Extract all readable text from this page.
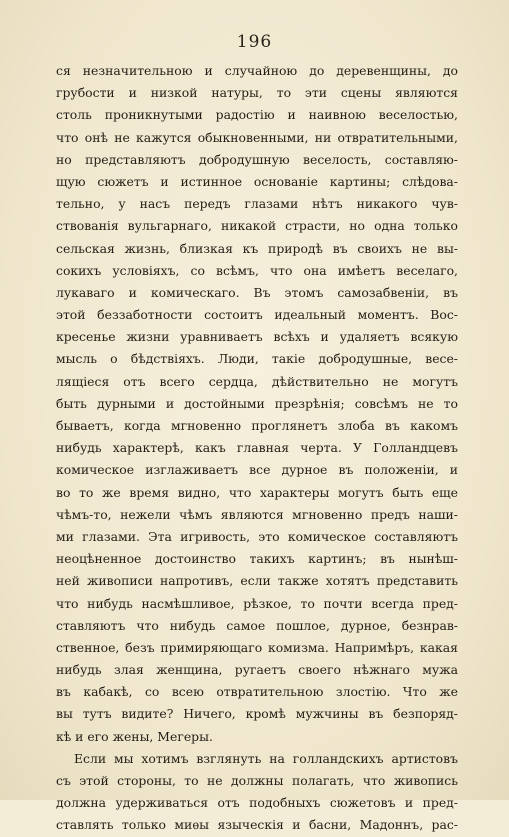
196
ся незначительною и случайною до деревенщины, до
грубости и низкой натуры, то эти сцены являются
столь проникнутыми радостію и наивною веселостью,
что онѣ не кажутся обыкновенными, ни отвратительными,
но представляютъ добродушную веселость, составляю-
щую сюжетъ и истинное основаніе картины; слѣдова-
тельно, у насъ передъ глазами нѣтъ никакого чув-
ствованія вульгарнаго, никакой страсти, но одна только
сельская жизнь, близкая къ природѣ въ своихъ не вы-
сокихъ условіяхъ, со всѣмъ, что она имѣетъ веселаго,
лукаваго и комическаго. Въ этомъ самозабвеніи, въ
этой беззаботности состоитъ идеальный моментъ. Вос-
кресенье жизни уравниваетъ всѣхъ и удаляетъ всякую
мысль о бѣдствіяхъ. Люди, такіе добродушные, весе-
лящіеся отъ всего сердца, дѣйствительно не могутъ
быть дурными и достойными презрѣнія; совсѣмъ не то
бываетъ, когда мгновенно проглянетъ злоба въ какомъ
нибудь характерѣ, какъ главная черта. У Голландцевъ
комическое изглаживаетъ все дурное въ положеніи, и
во то же время видно, что характеры могутъ быть еще
чѣмъ-то, нежели чѣмъ являются мгновенно предъ наши-
ми глазами. Эта игривость, это комическое составляютъ
неоцѣненное достоинство такихъ картинъ; въ нынѣш-
ней живописи напротивъ, если также хотятъ представить
что нибудь насмѣшливое, рѣзкое, то почти всегда пред-
ставляютъ что нибудь самое пошлое, дурное, безнрав-
ственное, безъ примиряющаго комизма. Напримѣръ, какая
нибудь злая женщина, ругаетъ своего нѣжнаго мужа
въ кабакѣ, со всею отвратительною злостію. Что же
вы тутъ видите? Ничего, кромѣ мужчины въ безпоряд-
кѣ и его жены, Мегеры.
Если мы хотимъ взглянуть на голландскихъ артистовъ
съ этой стороны, то не должны полагать, что живопись
должна удерживаться отъ подобныхъ сюжетовъ и пред-
ставлять только миѳы языческія и басни, Мадоннъ, рас-
